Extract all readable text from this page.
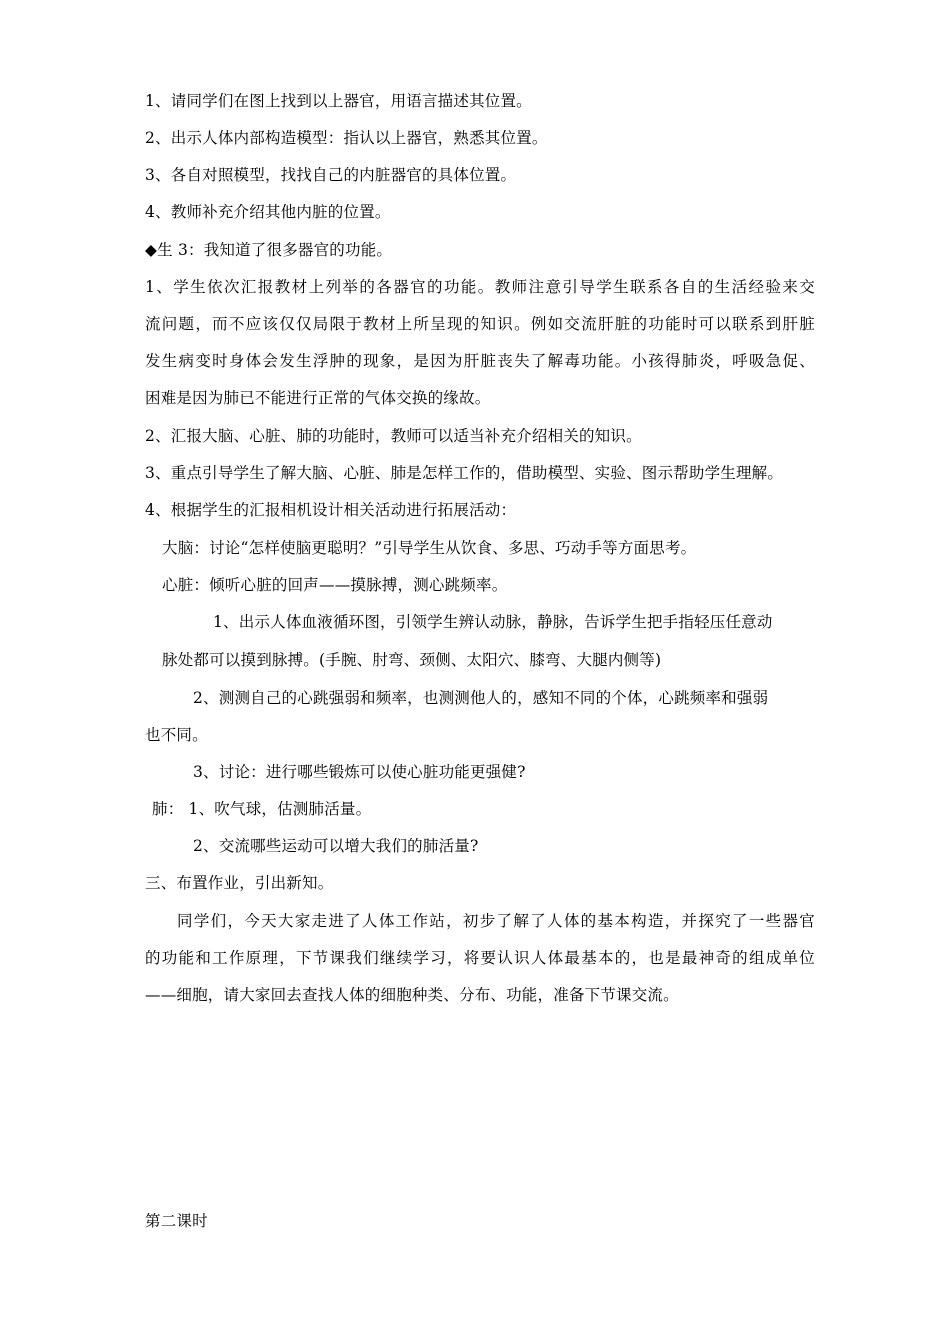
1、请同学们在图上找到以上器官，用语言描述其位置。
2、出示人体内部构造模型：指认以上器官，熟悉其位置。
3、各自对照模型，找找自己的内脏器官的具体位置。
4、教师补充介绍其他内脏的位置。
◆生 3：我知道了很多器官的功能。
1、学生依次汇报教材上列举的各器官的功能。教师注意引导学生联系各自的生活经验来交
流问题，而不应该仅仅局限于教材上所呈现的知识。例如交流肝脏的功能时可以联系到肝脏
发生病变时身体会发生浮肿的现象，是因为肝脏丧失了解毒功能。小孩得肺炎，呼吸急促、
困难是因为肺已不能进行正常的气体交换的缘故。
2、汇报大脑、心脏、肺的功能时，教师可以适当补充介绍相关的知识。
3、重点引导学生了解大脑、心脏、肺是怎样工作的，借助模型、实验、图示帮助学生理解。
4、根据学生的汇报相机设计相关活动进行拓展活动：
大脑：讨论“怎样使脑更聪明？”引导学生从饮食、多思、巧动手等方面思考。
心脏：倾听心脏的回声——摸脉搏，测心跳频率。
1、出示人体血液循环图，引领学生辨认动脉，静脉，告诉学生把手指轻压任意动
脉处都可以摸到脉搏。(手腕、肘弯、颈侧、太阳穴、膝弯、大腿内侧等)
2、测测自己的心跳强弱和频率，也测测他人的，感知不同的个体，心跳频率和强弱
也不同。
3、讨论：进行哪些锻炼可以使心脏功能更强健?
肺： 1、吹气球，估测肺活量。
2、交流哪些运动可以增大我们的肺活量?
三、布置作业，引出新知。
同学们，今天大家走进了人体工作站，初步了解了人体的基本构造，并探究了一些器官
的功能和工作原理，下节课我们继续学习，将要认识人体最基本的，也是最神奇的组成单位
——细胞，请大家回去查找人体的细胞种类、分布、功能，准备下节课交流。
第二课时
